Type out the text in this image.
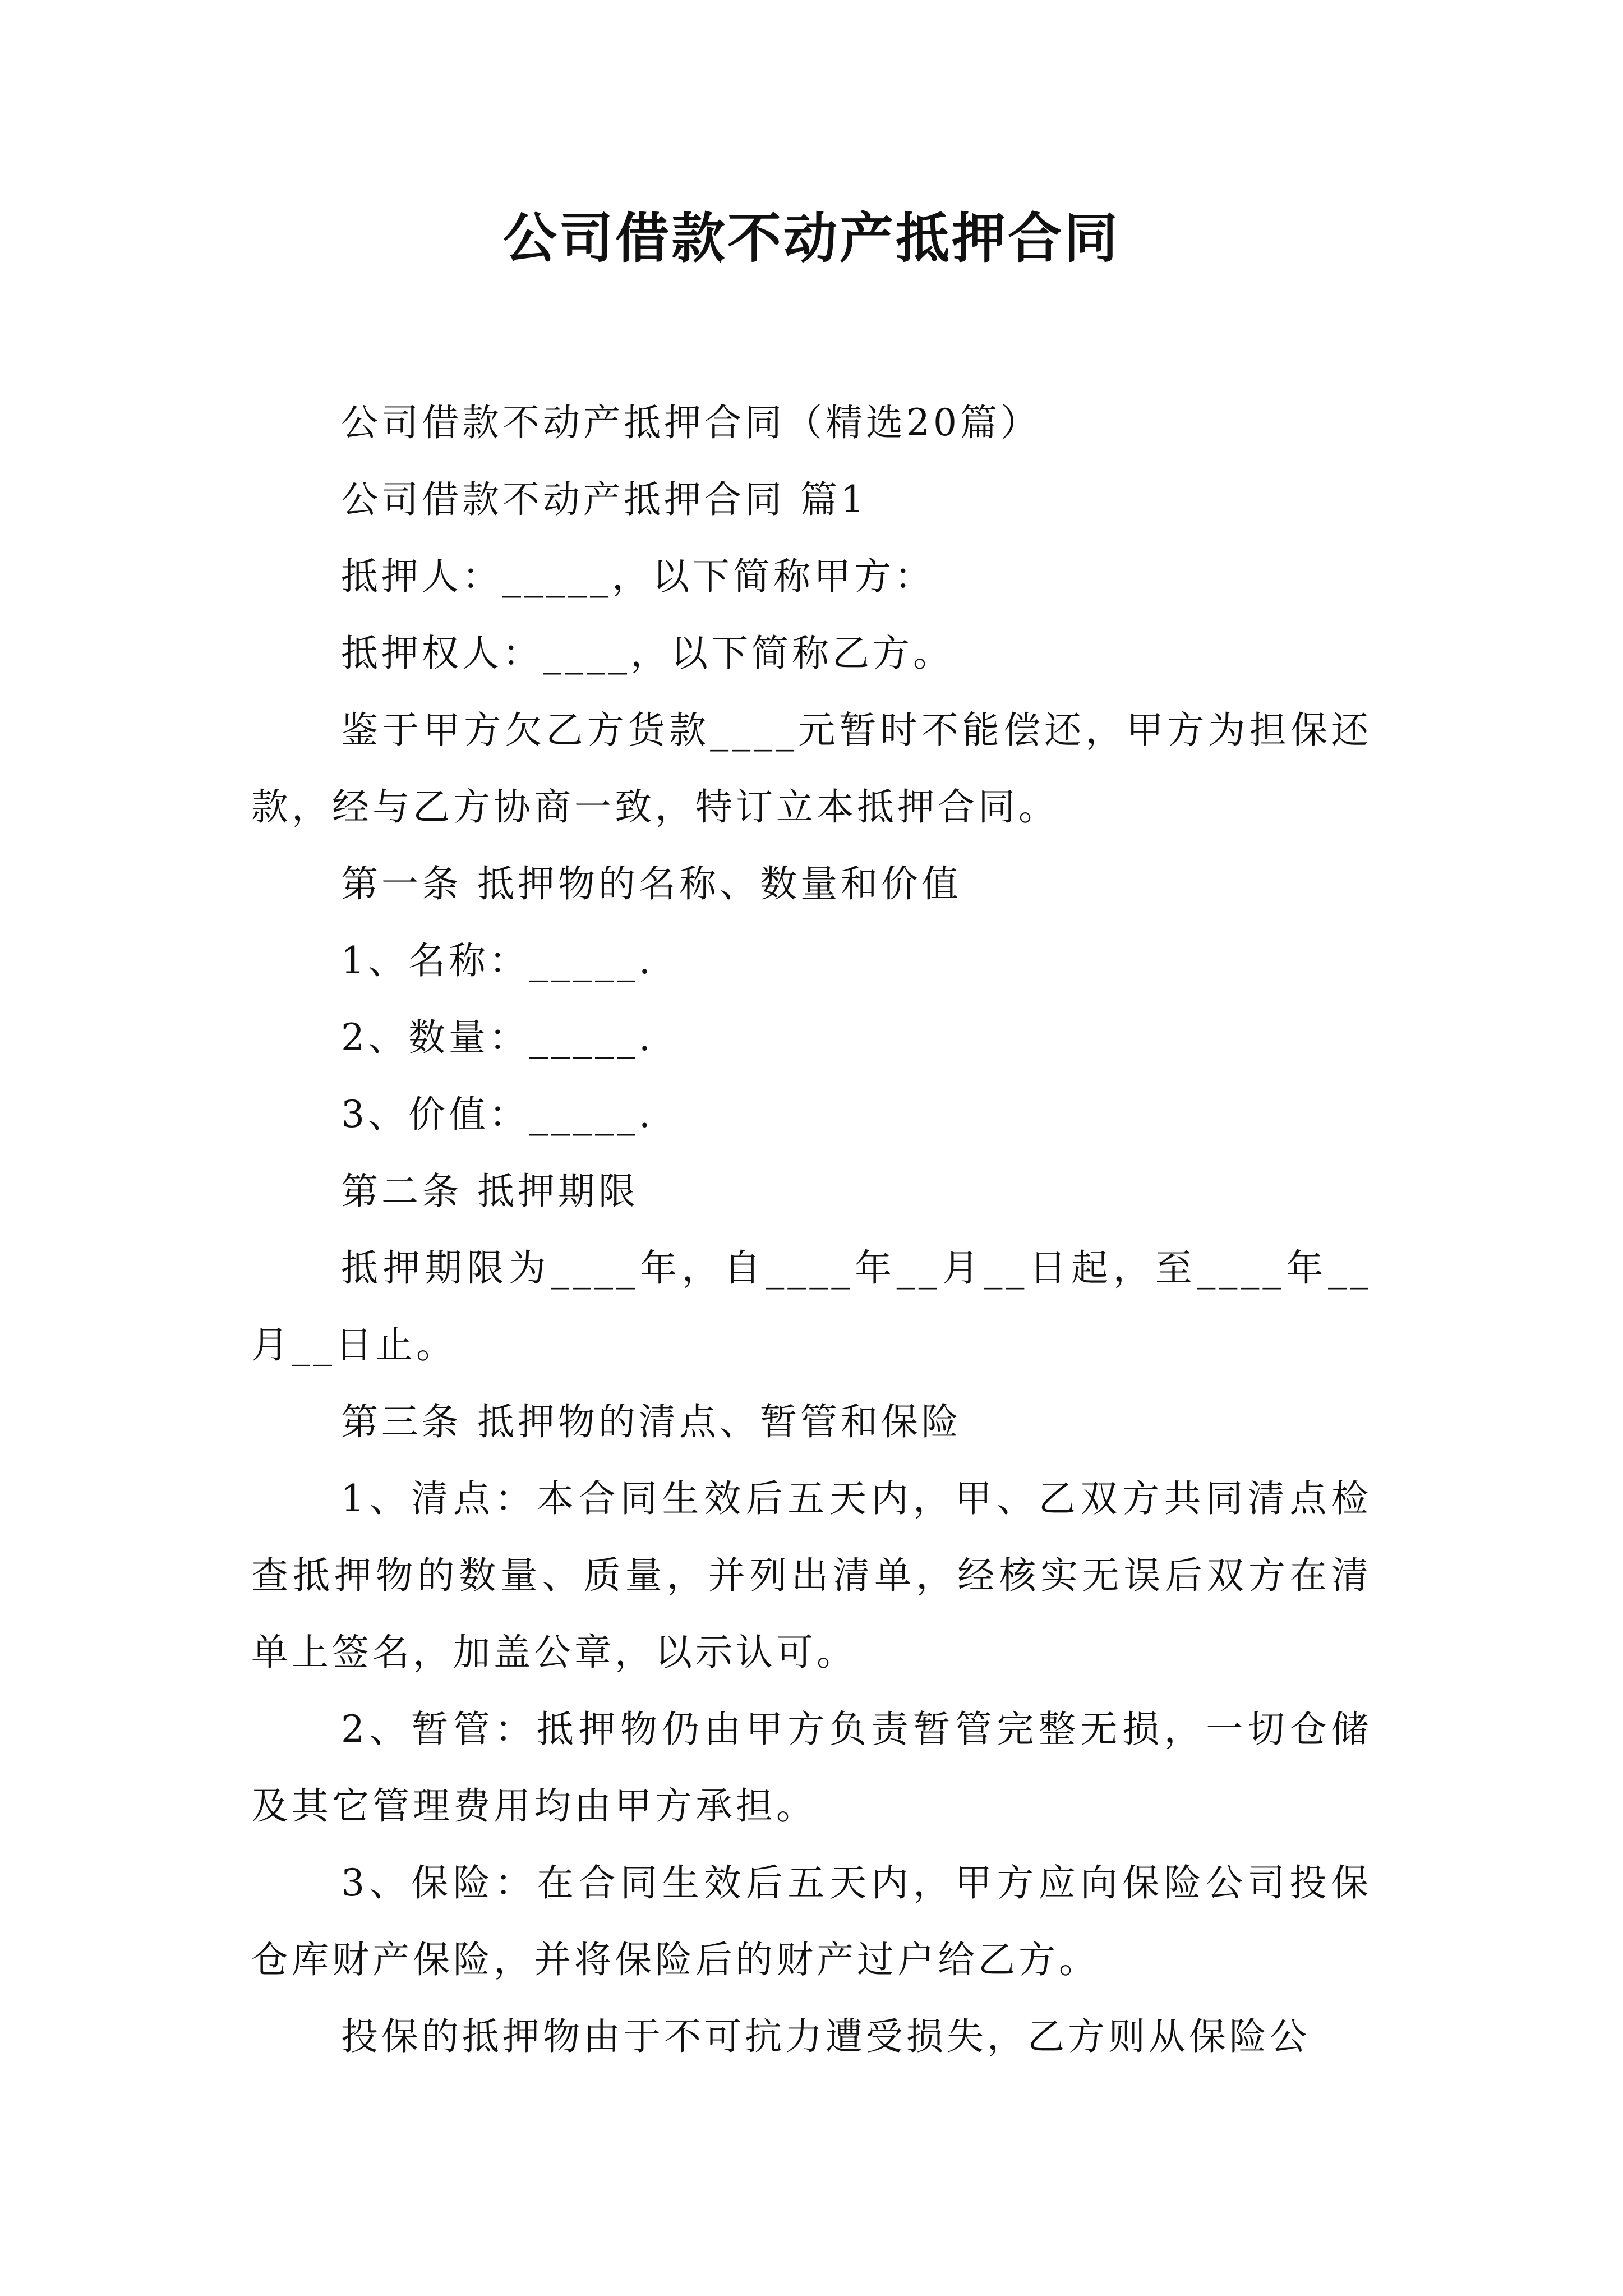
公司借款不动产抵押合同

公司借款不动产抵押合同（精选20篇）

公司借款不动产抵押合同 篇1

抵押人：_____，以下简称甲方：

抵押权人：____，以下简称乙方。

鉴于甲方欠乙方货款____元暂时不能偿还，甲方为担保还款，经与乙方协商一致，特订立本抵押合同。

第一条 抵押物的名称、数量和价值

1、名称：_____.

2、数量：_____.

3、价值：_____.

第二条 抵押期限

抵押期限为____年，自____年__月__日起，至____年__月__日止。

第三条 抵押物的清点、暂管和保险

1、清点：本合同生效后五天内，甲、乙双方共同清点检查抵押物的数量、质量，并列出清单，经核实无误后双方在清单上签名，加盖公章，以示认可。

2、暂管：抵押物仍由甲方负责暂管完整无损，一切仓储及其它管理费用均由甲方承担。

3、保险：在合同生效后五天内，甲方应向保险公司投保仓库财产保险，并将保险后的财产过户给乙方。

投保的抵押物由于不可抗力遭受损失，乙方则从保险公
